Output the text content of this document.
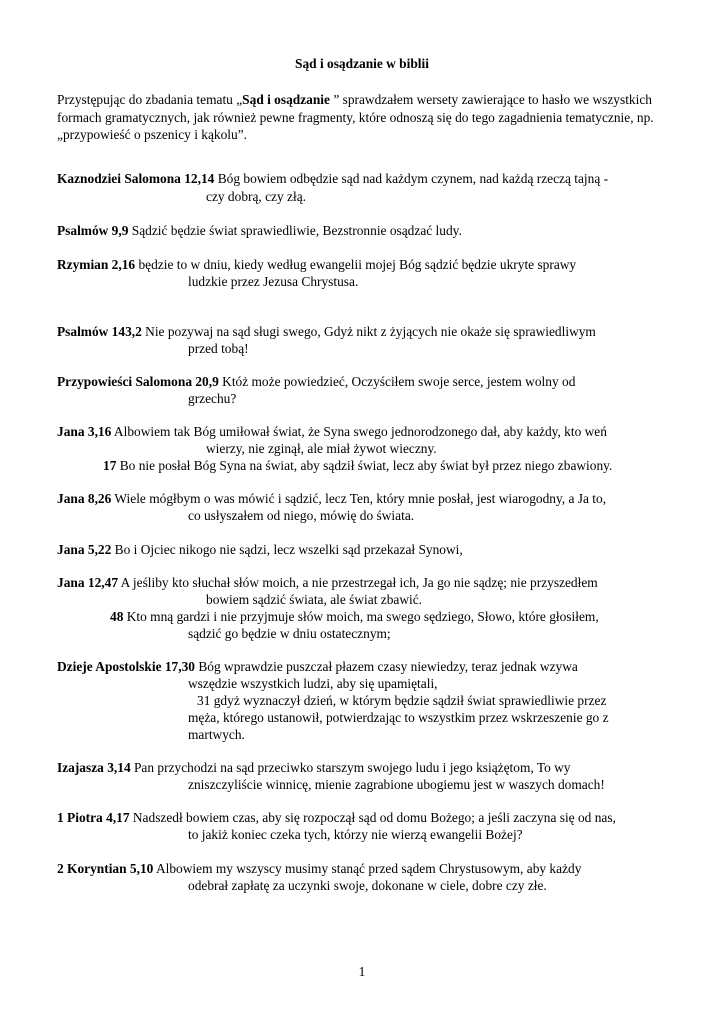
Sąd i osądzanie w biblii
Przystępując do zbadania tematu „Sąd i osądzanie ” sprawdzałem wersety zawierające to hasło we wszystkich formach gramatycznych, jak również pewne fragmenty, które odnoszą się do tego zagadnienia tematycznie, np. „przypowieść o pszenicy i kąkolu”.
Kaznodziei Salomona 12,14 Bóg bowiem odbędzie sąd nad każdym czynem, nad każdą rzeczą tajną -
czy dobrą, czy złą.
Psalmów 9,9 Sądzić będzie świat sprawiedliwie, Bezstronnie osądzać ludy.
Rzymian 2,16 będzie to w dniu, kiedy według ewangelii mojej Bóg sądzić będzie ukryte sprawy
ludzkie przez Jezusa Chrystusa.
Psalmów 143,2 Nie pozywaj na sąd sługi swego, Gdyż nikt z żyjących nie okaże się sprawiedliwym
przed tobą!
Przypowieści Salomona 20,9 Któż może powiedzieć, Oczyściłem swoje serce, jestem wolny od
grzechu?
Jana 3,16 Albowiem tak Bóg umiłował świat, że Syna swego jednorodzonego dał, aby każdy, kto weń
wierzy, nie zginął, ale miał żywot wieczny.
17 Bo nie posłał Bóg Syna na świat, aby sądził świat, lecz aby świat był przez niego zbawiony.
Jana 8,26 Wiele mógłbym o was mówić i sądzić, lecz Ten, który mnie posłał, jest wiarogodny, a Ja to,
co usłyszałem od niego, mówię do świata.
Jana 5,22 Bo i Ojciec nikogo nie sądzi, lecz wszelki sąd przekazał Synowi,
Jana 12,47 A jeśliby kto słuchał słów moich, a nie przestrzegał ich, Ja go nie sądzę; nie przyszedłem
bowiem sądzić świata, ale świat zbawić.
48 Kto mną gardzi i nie przyjmuje słów moich, ma swego sędziego, Słowo, które głosiłem,
sądzić go będzie w dniu ostatecznym;
Dzieje Apostolskie 17,30 Bóg wprawdzie puszczał płazem czasy niewiedzy, teraz jednak wzywa
wszędzie wszystkich ludzi, aby się upamiętali,
31 gdyż wyznaczył dzień, w którym będzie sądził świat sprawiedliwie przez
męża, którego ustanowił, potwierdzając to wszystkim przez wskrzeszenie go z
martwych.
Izajasza 3,14 Pan przychodzi na sąd przeciwko starszym swojego ludu i jego książętom, To wy
zniszczyliście winnicę, mienie zagrabione ubogiemu jest w waszych domach!
1 Piotra 4,17 Nadszedł bowiem czas, aby się rozpoczął sąd od domu Bożego; a jeśli zaczyna się od nas,
to jakiż koniec czeka tych, którzy nie wierzą ewangelii Bożej?
2 Koryntian 5,10 Albowiem my wszyscy musimy stanąć przed sądem Chrystusowym, aby każdy
odebrał zapłatę za uczynki swoje, dokonane w ciele, dobre czy złe.
1
